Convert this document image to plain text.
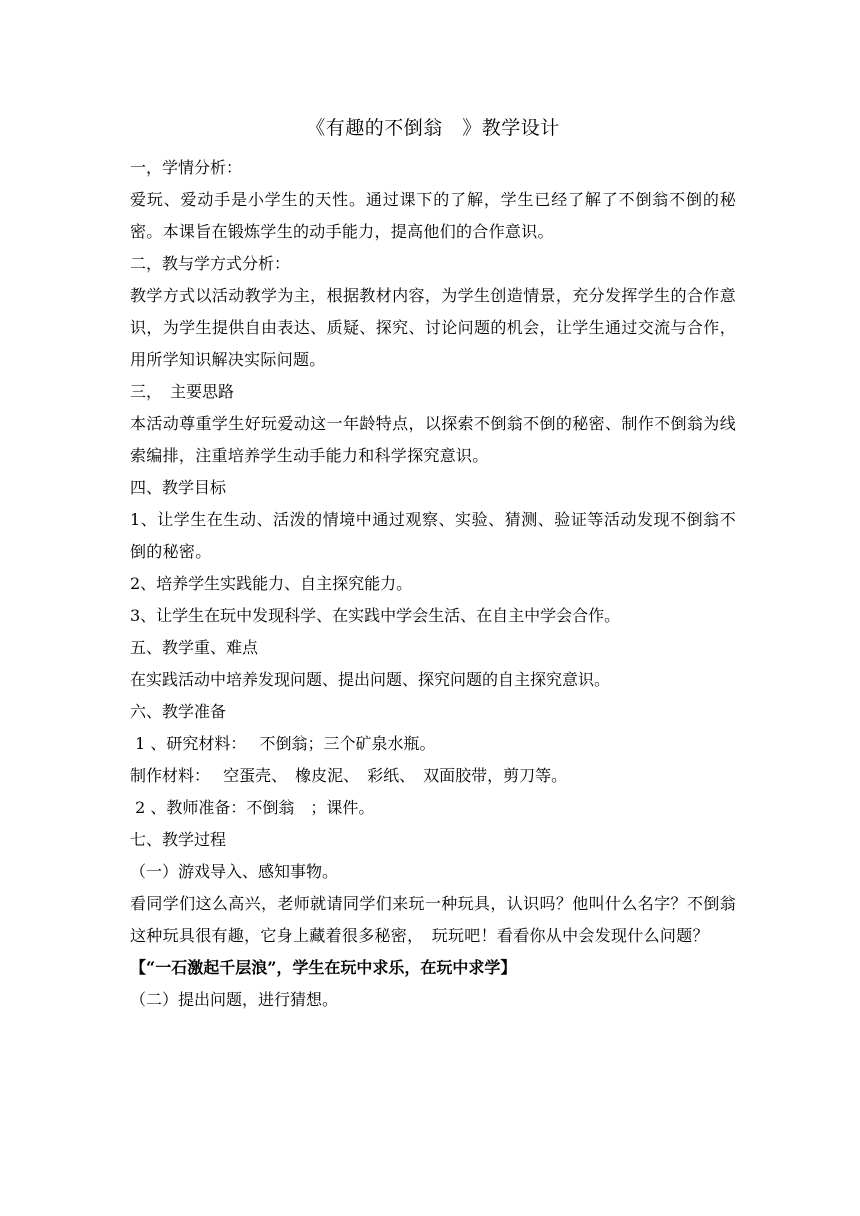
《有趣的不倒翁　》教学设计
一，学情分析：
爱玩、爱动手是小学生的天性。通过课下的了解，学生已经了解了不倒翁不倒的秘密。本课旨在锻炼学生的动手能力，提高他们的合作意识。
二，教与学方式分析：
教学方式以活动教学为主，根据教材内容，为学生创造情景，充分发挥学生的合作意识，为学生提供自由表达、质疑、探究、讨论问题的机会，让学生通过交流与合作，用所学知识解决实际问题。
三，　主要思路
本活动尊重学生好玩爱动这一年龄特点，以探索不倒翁不倒的秘密、制作不倒翁为线索编排，注重培养学生动手能力和科学探究意识。
四、教学目标
1、让学生在生动、活泼的情境中通过观察、实验、猜测、验证等活动发现不倒翁不倒的秘密。
2、培养学生实践能力、自主探究能力。
3、让学生在玩中发现科学、在实践中学会生活、在自主中学会合作。
五、教学重、难点
在实践活动中培养发现问题、提出问题、探究问题的自主探究意识。
六、教学准备
1 、研究材料：　 不倒翁；三个矿泉水瓶。
制作材料：　 空蛋壳、　橡皮泥、　彩纸、　双面胶带，剪刀等。
2 、教师准备：不倒翁　；课件。
七、教学过程
（一）游戏导入、感知事物。
看同学们这么高兴，老师就请同学们来玩一种玩具，认识吗？他叫什么名字？不倒翁这种玩具很有趣，它身上藏着很多秘密，　玩玩吧！看看你从中会发现什么问题？
【“一石激起千层浪”，学生在玩中求乐，在玩中求学】
（二）提出问题，进行猜想。
